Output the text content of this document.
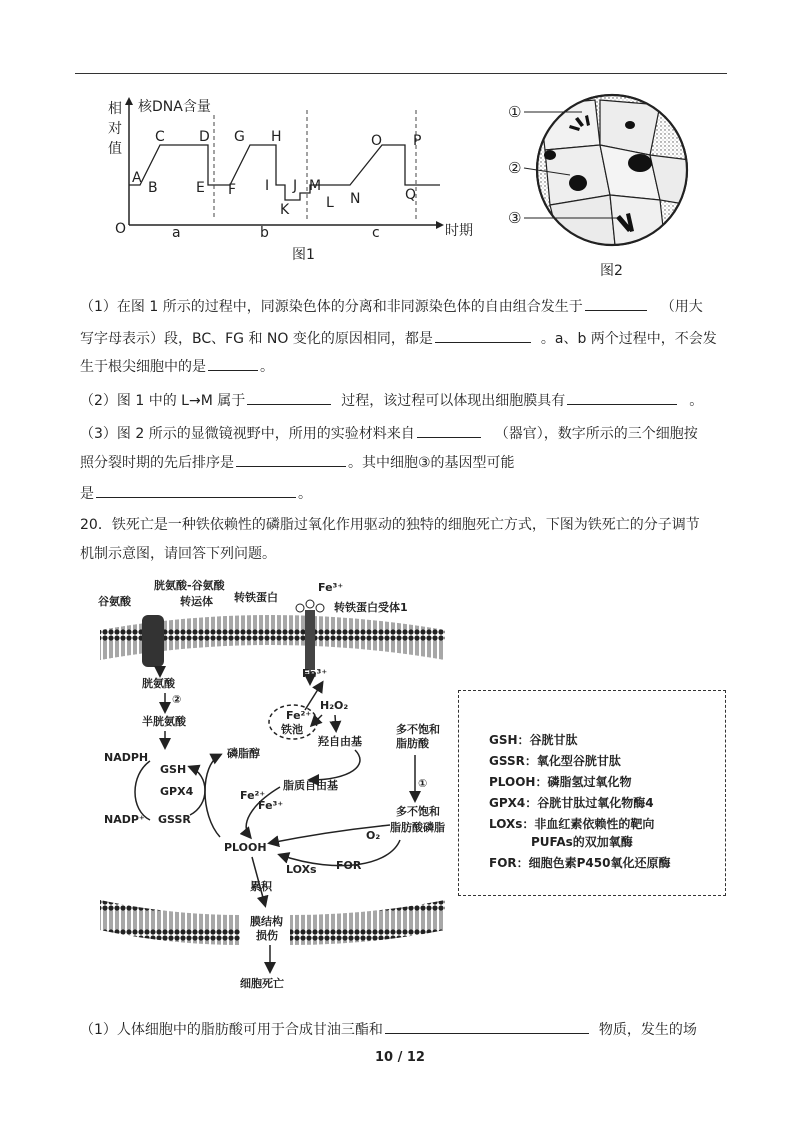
相
对
值
核DNA含量
O	时期
A
B
C D
E F
G H
I J
K
M
L N
O P
Q
a	b	c
图1
①
②
③
图2
（1）在图 1 所示的过程中，同源染色体的分离和非同源染色体的自由组合发生于	（用大
写字母表示）段，BC、FG 和 NO 变化的原因相同，都是	。a、b 两个过程中，不会发
生于根尖细胞中的是	。
（2）图 1 中的 L→M 属于	过程，该过程可以体现出细胞膜具有	。
（3）图 2 所示的显微镜视野中，所用的实验材料来自	（器官），数字所示的三个细胞按
照分裂时期的先后排序是	。其中细胞③的基因型可能
是	。
20．铁死亡是一种铁依赖性的磷脂过氧化作用驱动的独特的细胞死亡方式，下图为铁死亡的分子调节
机制示意图，请回答下列问题。
谷氨酸
胱氨酸-谷氨酸
转运体 转铁蛋白
Fe³⁺
转铁蛋白受体1
胱氨酸
②
半胱氨酸
Fe³⁺
Fe²⁺
铁池
H₂O₂
羟自由基
NADPH
GSH
GPX4
NADP⁺ GSSR
磷脂醇
脂质自由基
Fe²⁺
Fe³⁺
多不饱和
脂肪酸
①
多不饱和
脂肪酸磷脂
O₂
PLOOH
LOXs FOR
累积
膜结构
损伤
细胞死亡
GSH：谷胱甘肽
GSSR：氧化型谷胱甘肽
PLOOH：磷脂氢过氧化物
GPX4：谷胱甘肽过氧化物酶4
LOXs：非血红素依赖性的靶向
PUFAs的双加氧酶
FOR：细胞色素P450氧化还原酶
（1）人体细胞中的脂肪酸可用于合成甘油三酯和	物质，发生的场
10 / 12
